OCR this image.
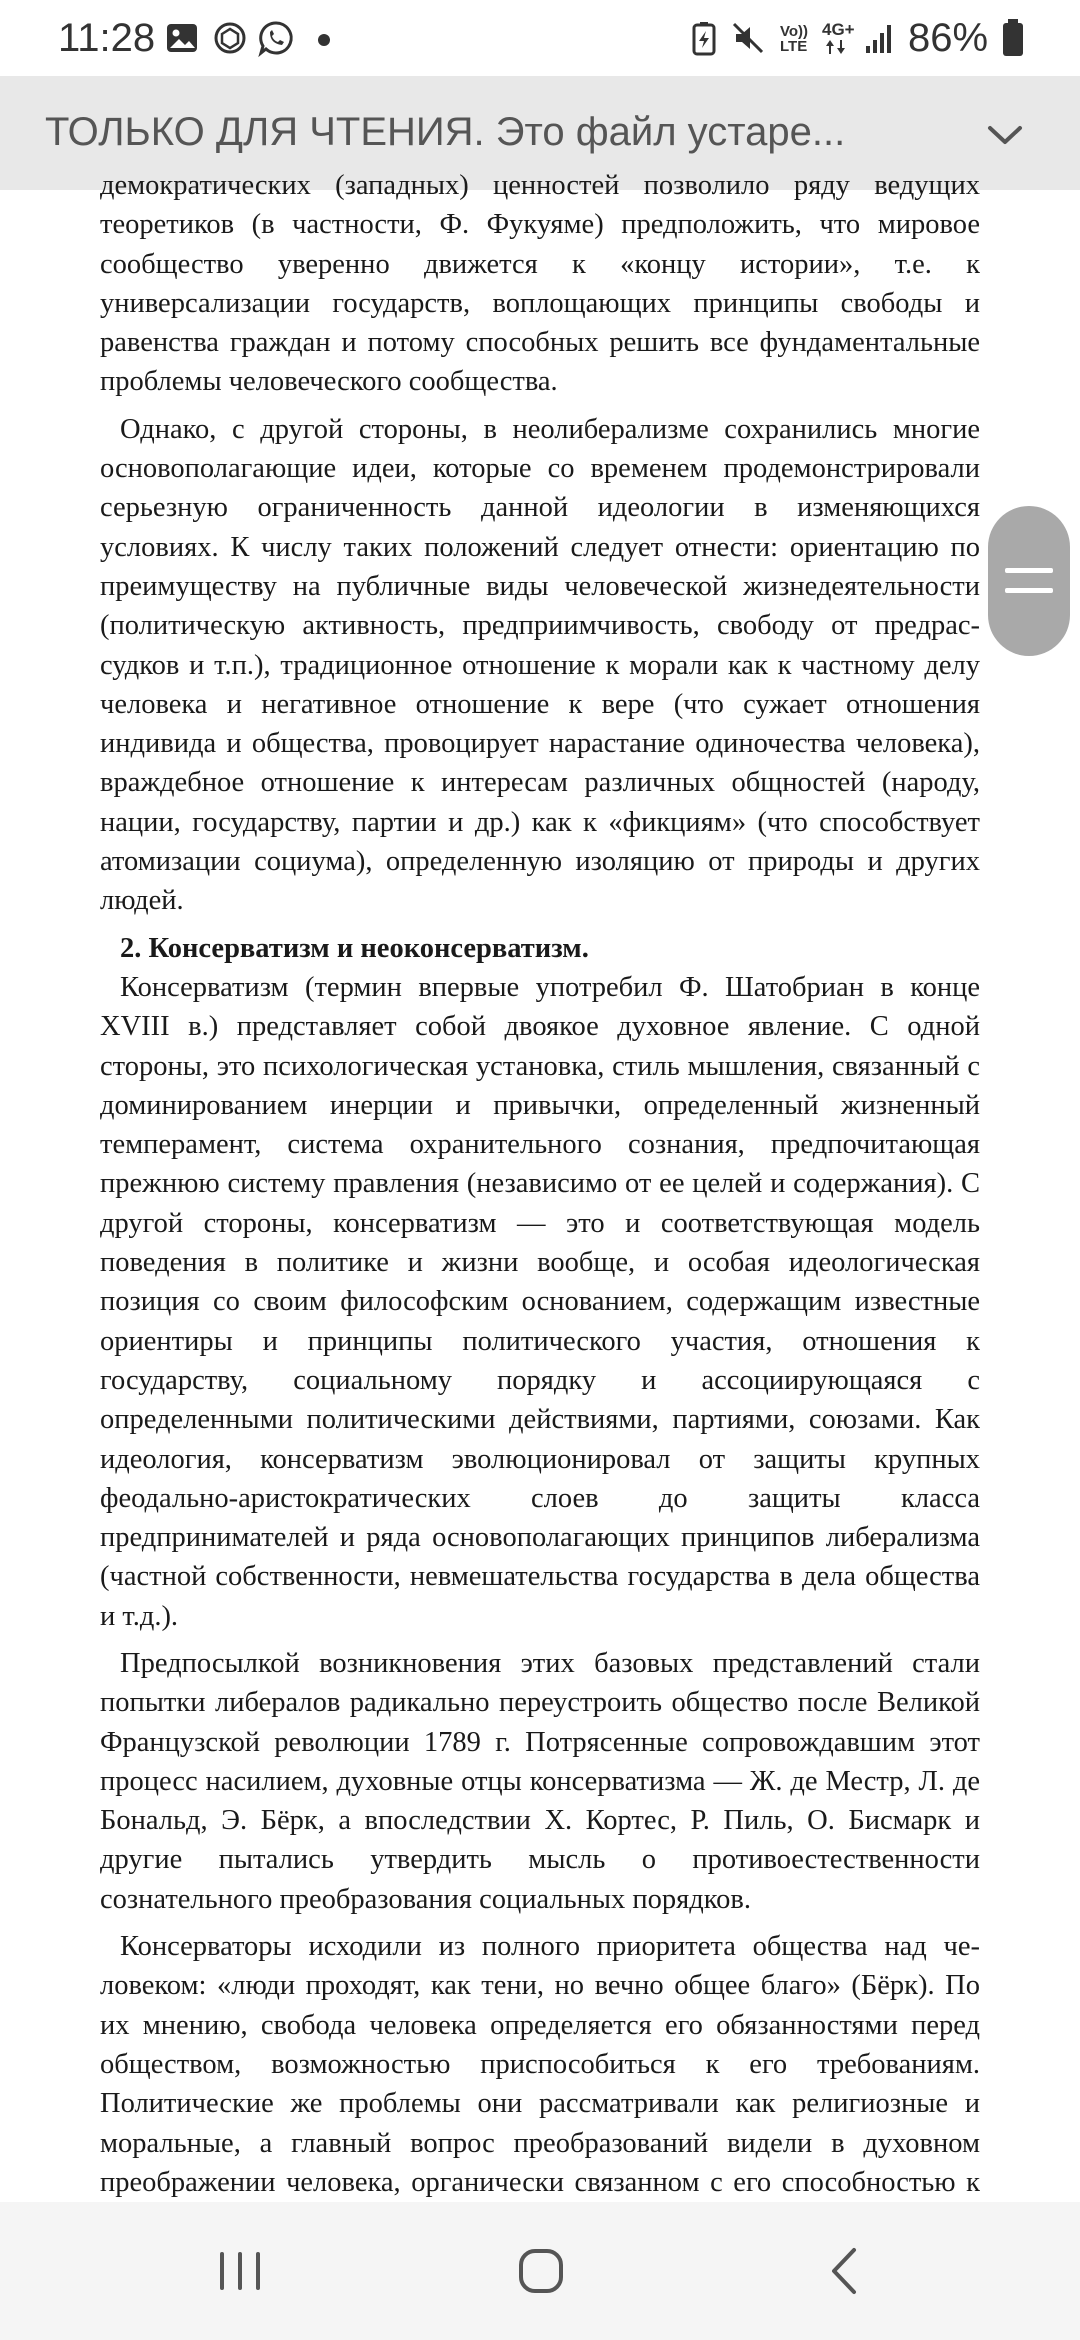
11:28	Vo))
LTE
4G+ 86%
ТОЛЬКО ДЛЯ ЧТЕНИЯ. Это файл устаре...

демократических (западных) ценностей позволило ряду ведущих теоретиков (в частности, Ф. Фукуяме) предположить, что мировое сообщество уверенно движется к «концу истории», т.е. к универсализации государств, воплощающих принципы свободы и равенства граждан и потому способных решить все фундаментальные проблемы человеческого сообщества.

Однако, с другой стороны, в неолиберализме сохранились многие основополагающие идеи, которые со временем продемонстрировали серьезную ограниченность данной идеологии в изменяющихся условиях. К числу таких положений следует отнести: ориентацию по преимуществу на публичные виды человеческой жизнедеятельности (политическую активность, предприимчивость, свободу от предрассудков и т.п.), традиционное отношение к морали как к частному делу человека и негативное отношение к вере (что сужает отношения индивида и общества, провоцирует нарастание одиночества человека), враждебное отношение к интересам различных общностей (народу, нации, государству, партии и др.) как к «фикциям» (что способствует атомизации социума), определенную изоляцию от природы и других людей.

2. Консерватизм и неоконсерватизм.

Консерватизм (термин впервые употребил Ф. Шатобриан в конце XVIII в.) представляет собой двоякое духовное явление. С одной стороны, это психологическая установка, стиль мышления, связанный с доминированием инерции и привычки, определенный жизненный темперамент, система охранительного сознания, предпочитающая прежнюю систему правления (независимо от ее целей и содержания). С другой стороны, консерватизм — это и соответствующая модель поведения в политике и жизни вообще, и особая идеологическая позиция со своим философским основанием, содержащим известные ориентиры и принципы политического участия, отношения к государству, социальному порядку и ассоциирующаяся с определенными политическими действиями, партиями, союзами. Как идеология, консерватизм эволюционировал от защиты крупных феодально-аристократических слоев до защиты класса предпринимателей и ряда основополагающих принципов либерализма (частной собственности, невмешательства государства в дела общества и т.д.).

Предпосылкой возникновения этих базовых представлений стали попытки либералов радикально переустроить общество после Великой Французской революции 1789 г. Потрясенные сопровождавшим этот процесс насилием, духовные отцы консерватизма — Ж. де Местр, Л. де Бональд, Э. Бёрк, а впоследствии Х. Кортес, Р. Пиль, О. Бисмарк и другие пытались утвердить мысль о противоестественности сознательного преобразования социальных порядков.

Консерваторы исходили из полного приоритета общества над человеком: «люди проходят, как тени, но вечно общее благо» (Бёрк). По их мнению, свобода человека определяется его обязанностями перед обществом, возможностью приспособиться к его требованиям. Политические же проблемы они рассматривали как религиозные и моральные, а главный вопрос преобразований видели в духовном преображении человека, органически связанном с его способностью к
